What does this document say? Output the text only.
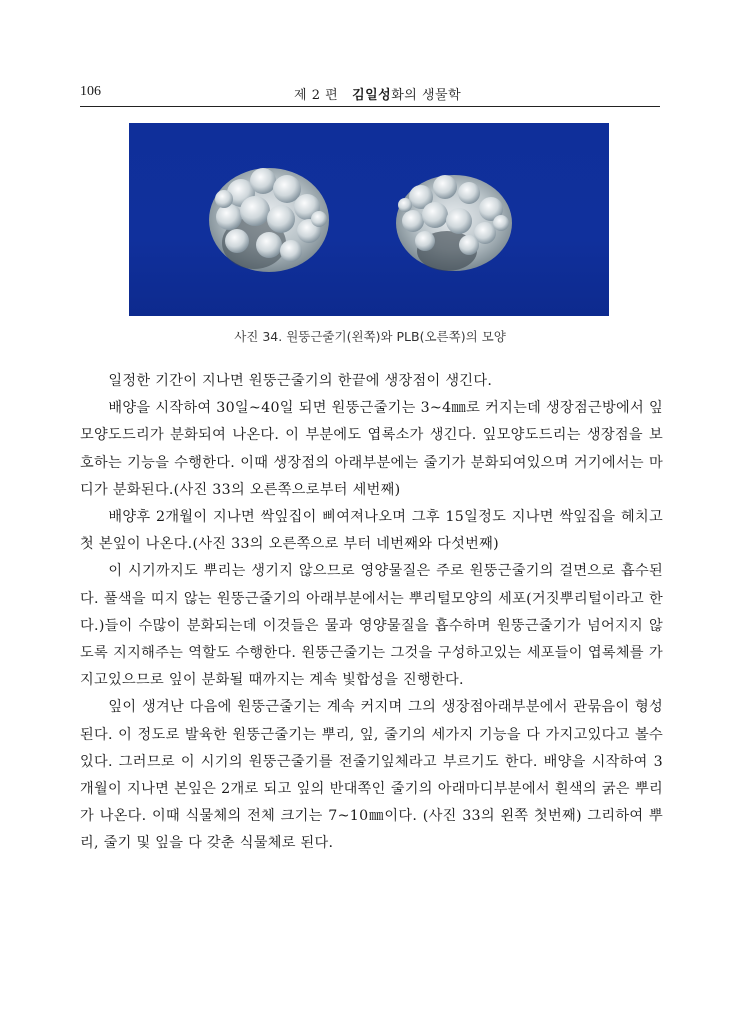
106	제 2 편 김일성화의 생물학
사진 34. 원뚱근줄기(왼쪽)와 PLB(오른쪽)의 모양

일정한 기간이 지나면 원뚱근줄기의 한끝에 생장점이 생긴다.

배양을 시작하여 30일~40일 되면 원뚱근줄기는 3~4㎜로 커지는데 생장점근방에서 잎모양도드리가 분화되여 나온다. 이 부분에도 엽록소가 생긴다. 잎모양도드리는 생장점을 보호하는 기능을 수행한다. 이때 생장점의 아래부분에는 줄기가 분화되여있으며 거기에서는 마디가 분화된다.(사진 33의 오른쪽으로부터 세번째)

배양후 2개월이 지나면 싹잎집이 삐여져나오며 그후 15일정도 지나면 싹잎집을 헤치고 첫 본잎이 나온다.(사진 33의 오른쪽으로 부터 네번째와 다섯번째)

이 시기까지도 뿌리는 생기지 않으므로 영양물질은 주로 원뚱근줄기의 걸면으로 흡수된다. 풀색을 띠지 않는 원뚱근줄기의 아래부분에서는 뿌리털모양의 세포(거짓뿌리털이라고 한다.)들이 수많이 분화되는데 이것들은 물과 영양물질을 흡수하며 원뚱근줄기가 넘어지지 않도록 지지해주는 역할도 수행한다. 원뚱근줄기는 그것을 구성하고있는 세포들이 엽록체를 가지고있으므로 잎이 분화될 때까지는 계속 빛합성을 진행한다.

잎이 생겨난 다음에 원뚱근줄기는 계속 커지며 그의 생장점아래부분에서 관묶음이 형성된다. 이 정도로 발육한 원뚱근줄기는 뿌리, 잎, 줄기의 세가지 기능을 다 가지고있다고 볼수 있다. 그러므로 이 시기의 원뚱근줄기를 전줄기잎체라고 부르기도 한다. 배양을 시작하여 3개월이 지나면 본잎은 2개로 되고 잎의 반대쪽인 줄기의 아래마디부분에서 흰색의 굵은 뿌리가 나온다. 이때 식물체의 전체 크기는 7~10㎜이다. (사진 33의 왼쪽 첫번째) 그리하여 뿌리, 줄기 및 잎을 다 갖춘 식물체로 된다.
